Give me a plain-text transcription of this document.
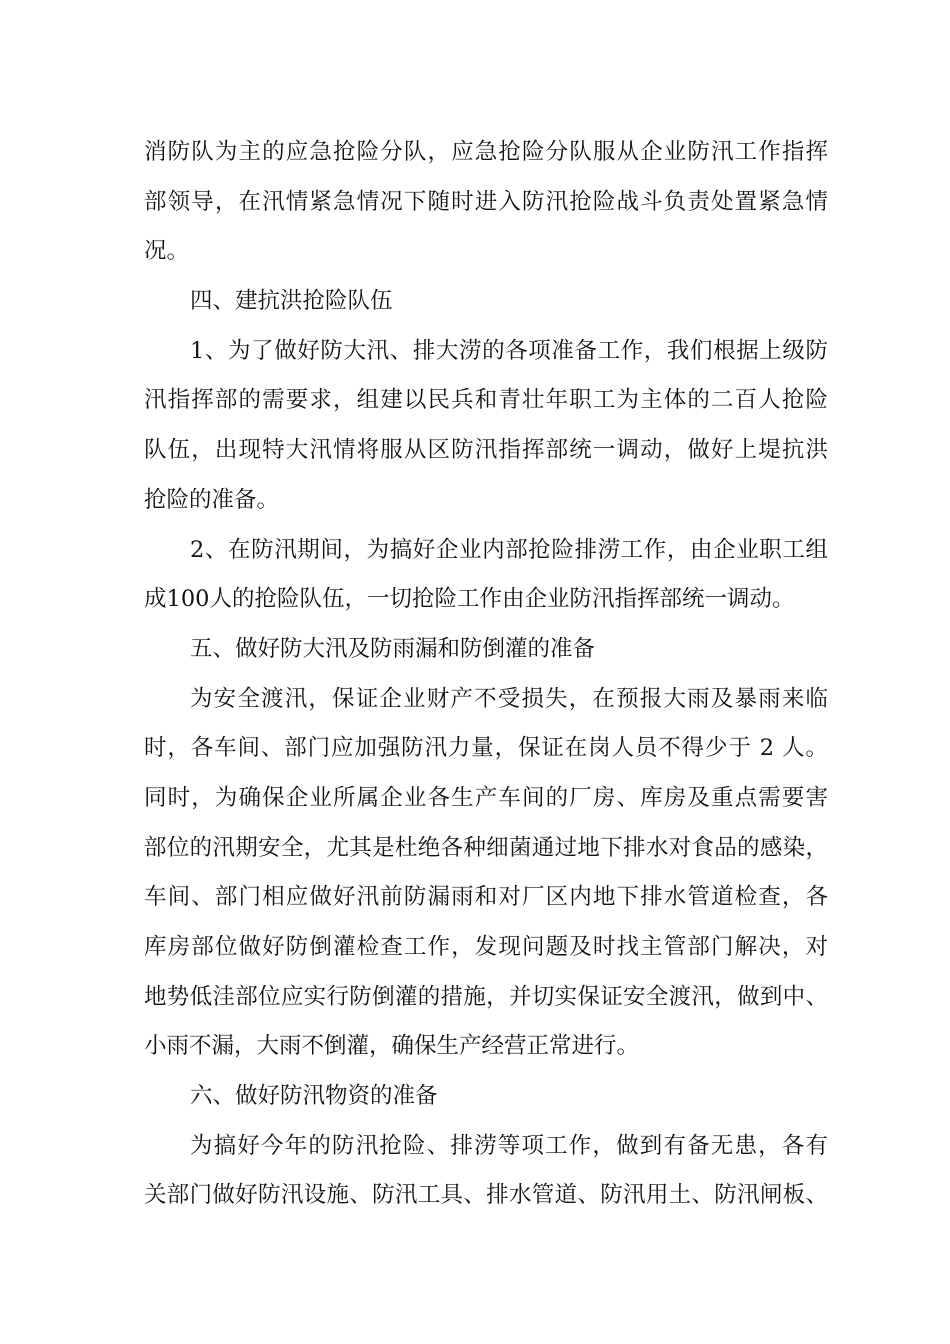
消防队为主的应急抢险分队，应急抢险分队服从企业防汛工作指挥
部领导，在汛情紧急情况下随时进入防汛抢险战斗负责处置紧急情
况。
四、建抗洪抢险队伍
1、为了做好防大汛、排大涝的各项准备工作，我们根据上级防
汛指挥部的需要求，组建以民兵和青壮年职工为主体的二百人抢险
队伍，出现特大汛情将服从区防汛指挥部统一调动，做好上堤抗洪
抢险的准备。
2、在防汛期间，为搞好企业内部抢险排涝工作，由企业职工组
成100人的抢险队伍，一切抢险工作由企业防汛指挥部统一调动。
五、做好防大汛及防雨漏和防倒灌的准备
为安全渡汛，保证企业财产不受损失，在预报大雨及暴雨来临
时，各车间、部门应加强防汛力量，保证在岗人员不得少于 2 人。
同时，为确保企业所属企业各生产车间的厂房、库房及重点需要害
部位的汛期安全，尤其是杜绝各种细菌通过地下排水对食品的感染，
车间、部门相应做好汛前防漏雨和对厂区内地下排水管道检查，各
库房部位做好防倒灌检查工作，发现问题及时找主管部门解决，对
地势低洼部位应实行防倒灌的措施，并切实保证安全渡汛，做到中、
小雨不漏，大雨不倒灌，确保生产经营正常进行。
六、做好防汛物资的准备
为搞好今年的防汛抢险、排涝等项工作，做到有备无患，各有
关部门做好防汛设施、防汛工具、排水管道、防汛用土、防汛闸板、
